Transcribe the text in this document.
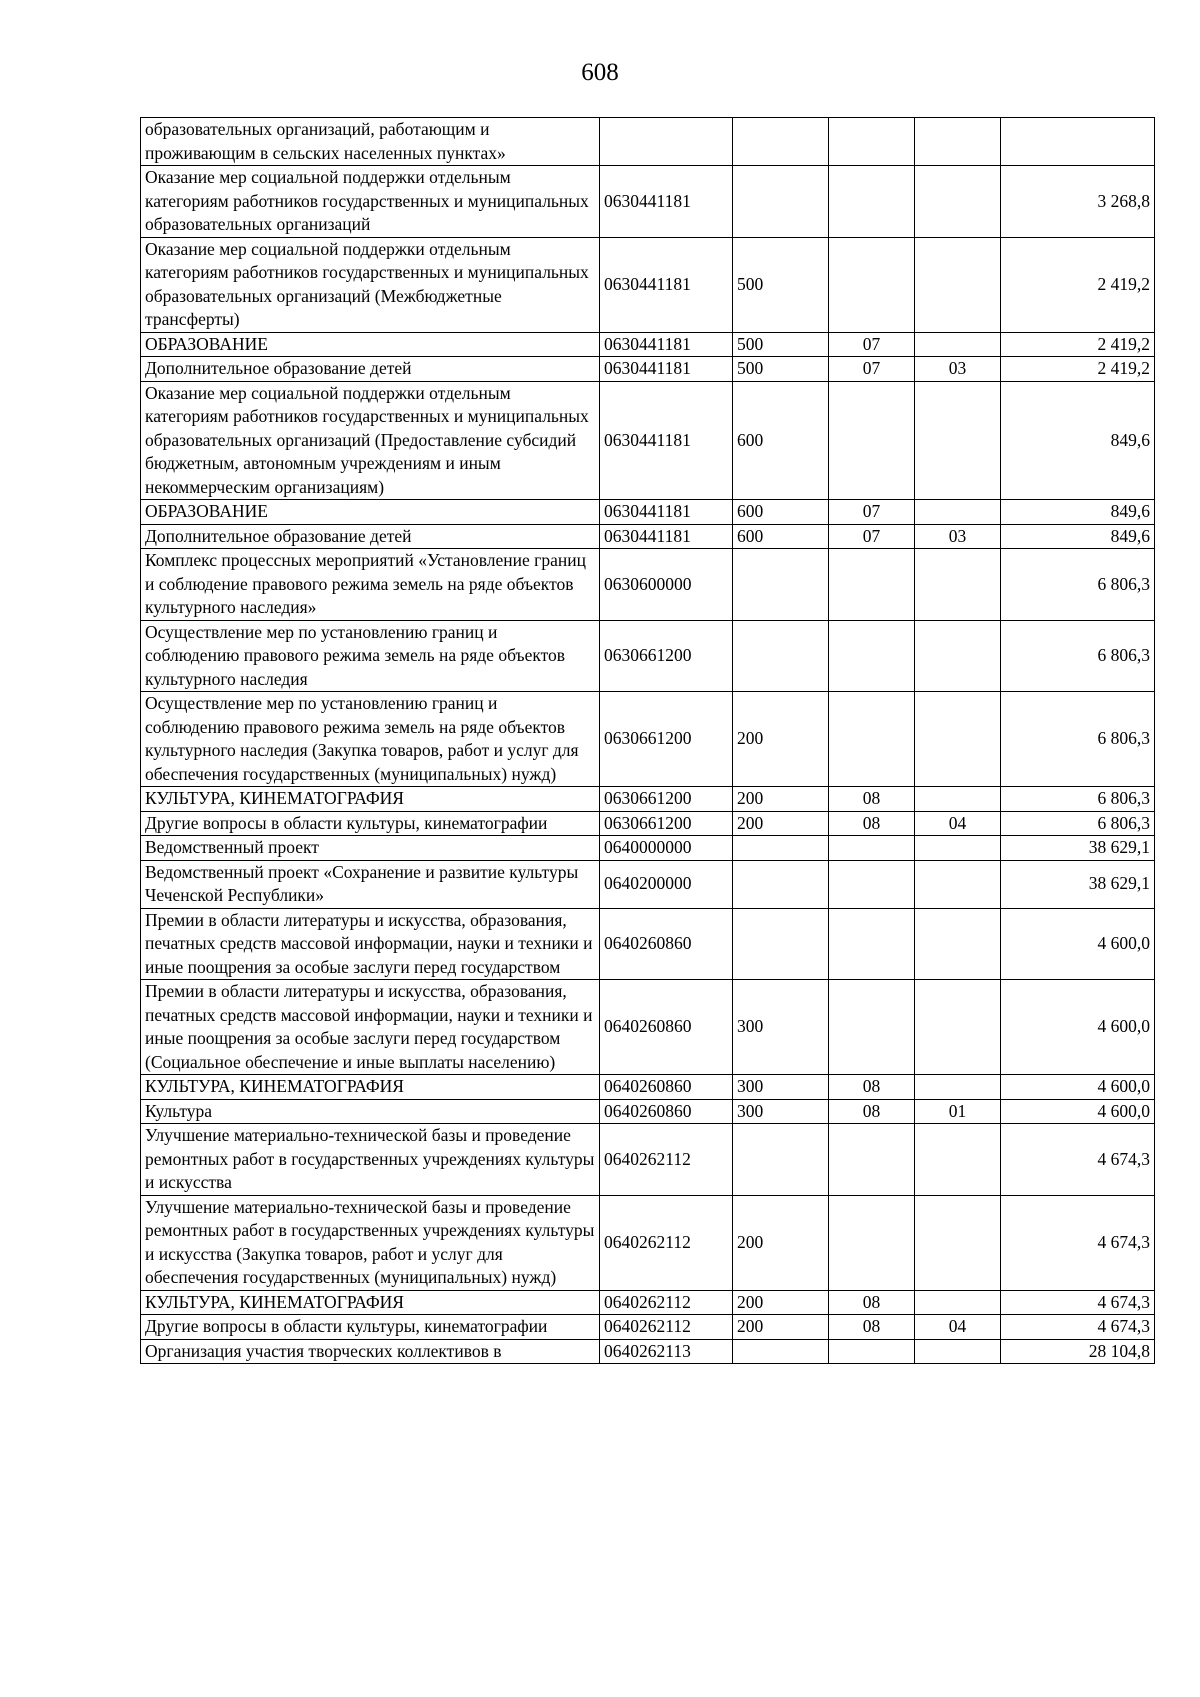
608
образовательных организаций, работающим и проживающим в сельских населенных пунктах»					
Оказание мер социальной поддержки отдельным категориям работников государственных и муниципальных образовательных организаций	0630441181				3 268,8
Оказание мер социальной поддержки отдельным категориям работников государственных и муниципальных образовательных организаций (Межбюджетные трансферты)	0630441181	500			2 419,2
ОБРАЗОВАНИЕ	0630441181	500	07		2 419,2
Дополнительное образование детей	0630441181	500	07	03	2 419,2
Оказание мер социальной поддержки отдельным категориям работников государственных и муниципальных образовательных организаций (Предоставление субсидий бюджетным, автономным учреждениям и иным некоммерческим организациям)	0630441181	600			849,6
ОБРАЗОВАНИЕ	0630441181	600	07		849,6
Дополнительное образование детей	0630441181	600	07	03	849,6
Комплекс процессных мероприятий «Установление границ и соблюдение правового режима земель на ряде объектов культурного наследия»	0630600000				6 806,3
Осуществление мер по установлению границ и соблюдению правового режима земель на ряде объектов культурного наследия	0630661200				6 806,3
Осуществление мер по установлению границ и соблюдению правового режима земель на ряде объектов культурного наследия (Закупка товаров, работ и услуг для обеспечения государственных (муниципальных) нужд)	0630661200	200			6 806,3
КУЛЬТУРА, КИНЕМАТОГРАФИЯ	0630661200	200	08		6 806,3
Другие вопросы в области культуры, кинематографии	0630661200	200	08	04	6 806,3
Ведомственный проект	0640000000				38 629,1
Ведомственный проект «Сохранение и развитие культуры Чеченской Республики»	0640200000				38 629,1
Премии в области литературы и искусства, образования, печатных средств массовой информации, науки и техники и иные поощрения за особые заслуги перед государством	0640260860				4 600,0
Премии в области литературы и искусства, образования, печатных средств массовой информации, науки и техники и иные поощрения за особые заслуги перед государством (Социальное обеспечение и иные выплаты населению)	0640260860	300			4 600,0
КУЛЬТУРА, КИНЕМАТОГРАФИЯ	0640260860	300	08		4 600,0
Культура	0640260860	300	08	01	4 600,0
Улучшение материально-технической базы и проведение ремонтных работ в государственных учреждениях культуры и искусства	0640262112				4 674,3
Улучшение материально-технической базы и проведение ремонтных работ в государственных учреждениях культуры и искусства (Закупка товаров, работ и услуг для обеспечения государственных (муниципальных) нужд)	0640262112	200			4 674,3
КУЛЬТУРА, КИНЕМАТОГРАФИЯ	0640262112	200	08		4 674,3
Другие вопросы в области культуры, кинематографии	0640262112	200	08	04	4 674,3
Организация участия творческих коллективов в	0640262113				28 104,8
